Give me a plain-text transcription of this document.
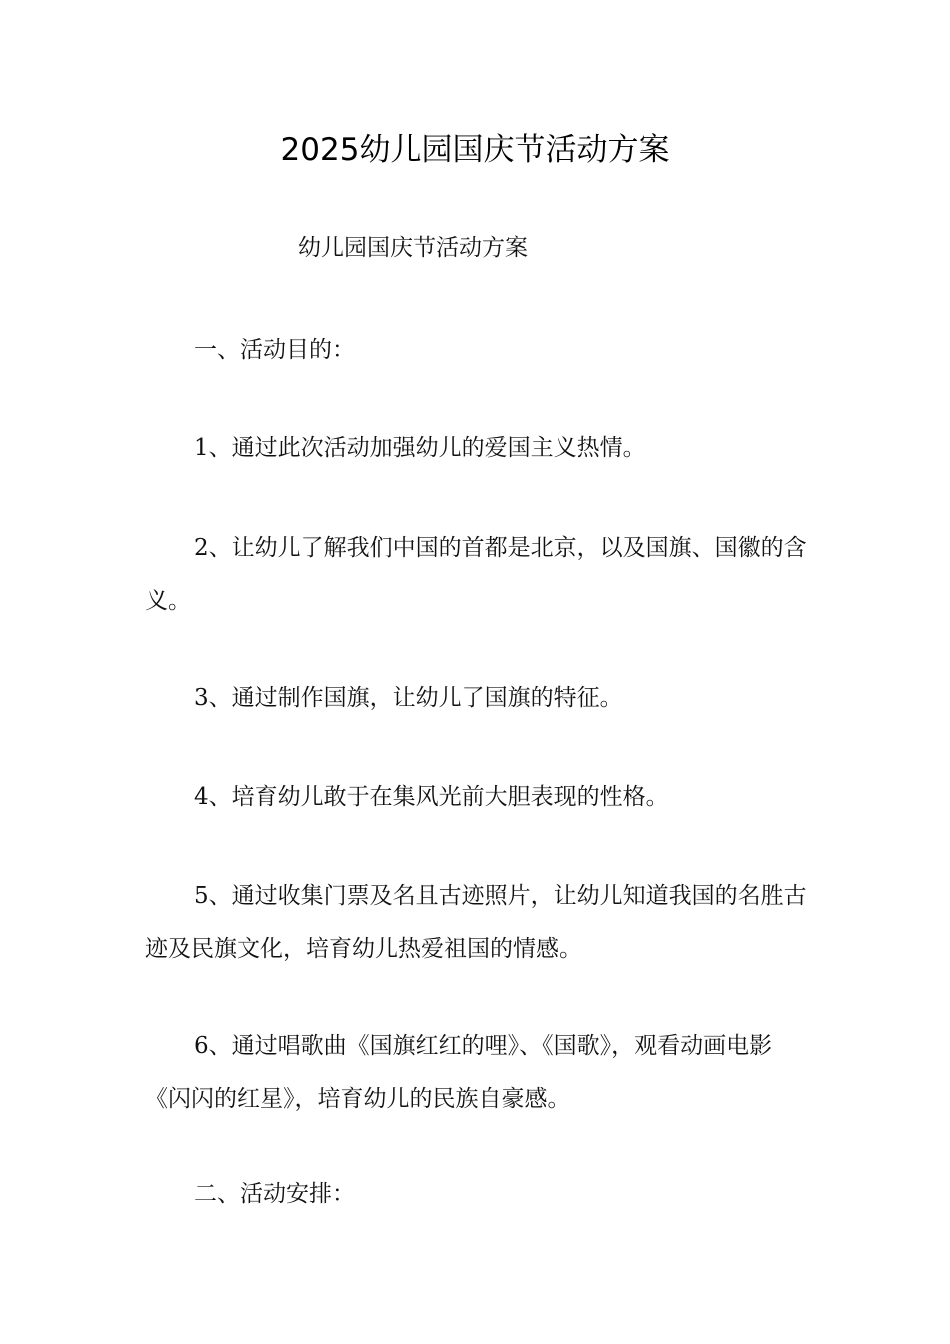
2025幼儿园国庆节活动方案
幼儿园国庆节活动方案
一、活动目的：
1、通过此次活动加强幼儿的爱国主义热情。
2、让幼儿了解我们中国的首都是北京，以及国旗、国徽的含义。
3、通过制作国旗，让幼儿了国旗的特征。
4、培育幼儿敢于在集风光前大胆表现的性格。
5、通过收集门票及名且古迹照片，让幼儿知道我国的名胜古迹及民旗文化，培育幼儿热爱祖国的情感。
6、通过唱歌曲《国旗红红的哩》、《国歌》，观看动画电影《闪闪的红星》，培育幼儿的民族自豪感。
二、活动安排：
